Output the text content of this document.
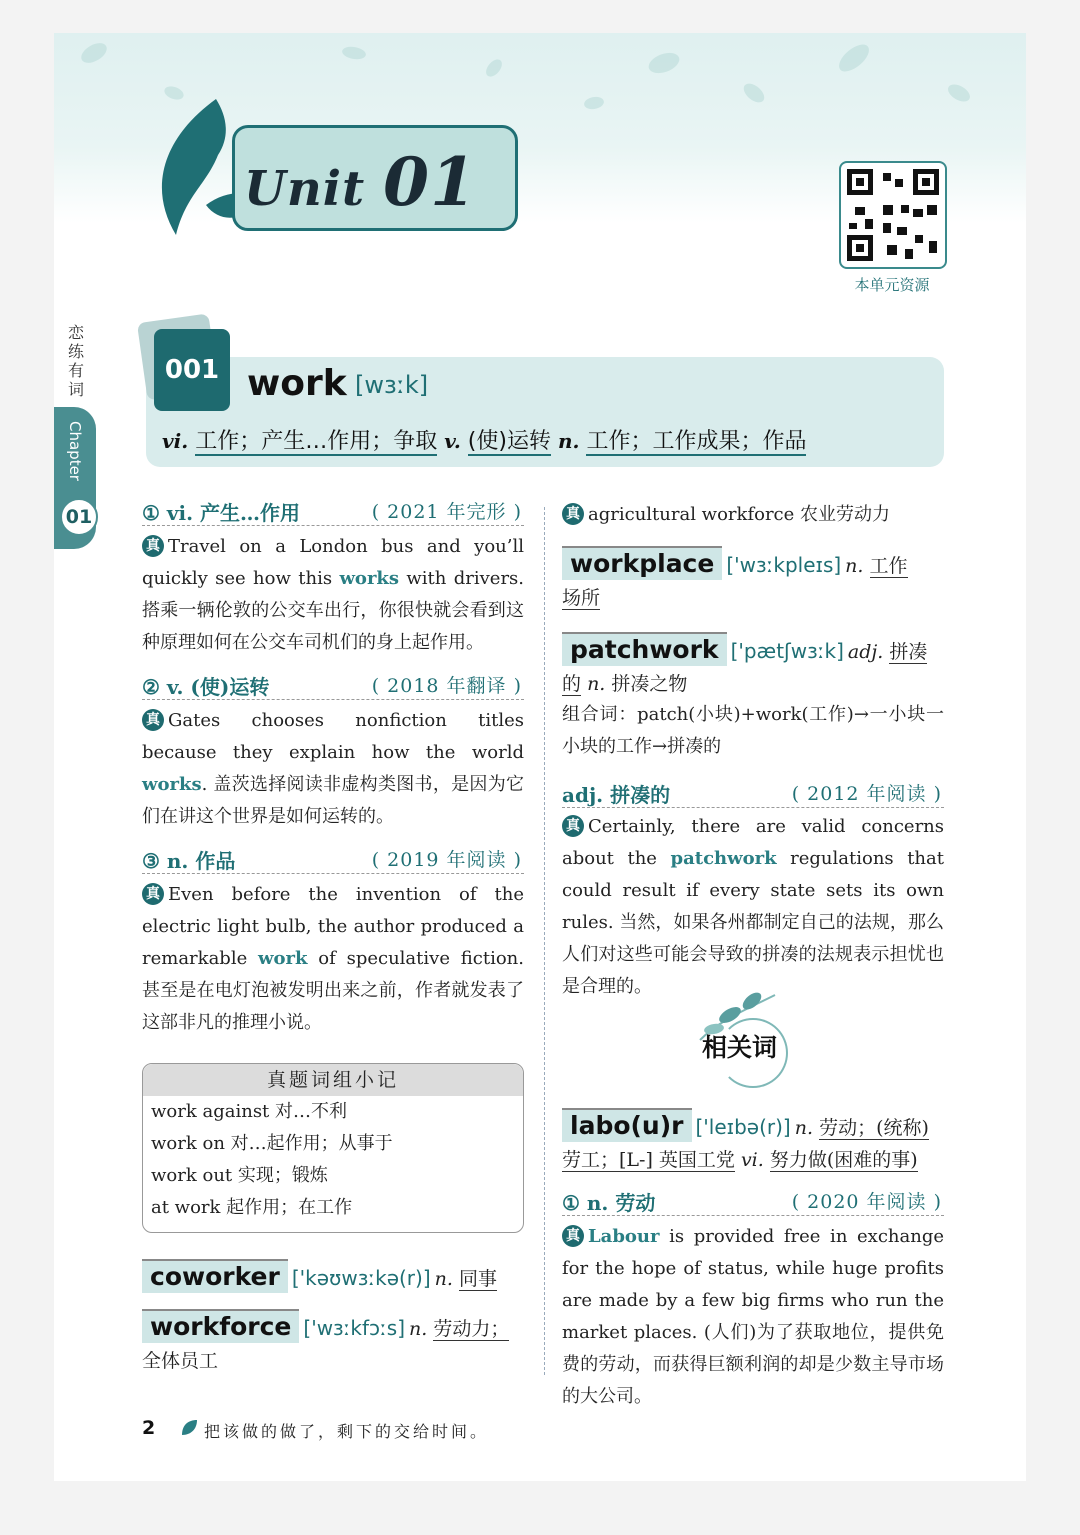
Unit 01
本单元资源
恋练有词
Chapter
01
001 work [wɜːk]
vi. 工作；产生…作用；争取 v. (使)运转 n. 工作；工作成果；作品
① vi. 产生…作用	( 2021 年完形 )
真 Travel on a London bus and you’ll quickly see how this works with drivers. 搭乘一辆伦敦的公交车出行，你很快就会看到这种原理如何在公交车司机们的身上起作用。
② v. (使)运转	( 2018 年翻译 )
真 Gates chooses nonfiction titles because they explain how the world works. 盖茨选择阅读非虚构类图书，是因为它们在讲这个世界是如何运转的。
③ n. 作品	( 2019 年阅读 )
真 Even before the invention of the electric light bulb, the author produced a remarkable work of speculative fiction. 甚至是在电灯泡被发明出来之前，作者就发表了这部非凡的推理小说。
真题词组小记
work against 对…不利
work on 对…起作用；从事于
work out 实现；锻炼
at work 起作用；在工作
coworker ['kəʊwɜːkə(r)] n. 同事
workforce ['wɜːkfɔːs] n. 劳动力；
全体员工
真 agricultural workforce 农业劳动力
workplace ['wɜːkpleɪs] n. 工作
场所
patchwork ['pætʃwɜːk] adj. 拼凑
的 n. 拼凑之物
组合词：patch(小块)+work(工作)→一小块一小块的工作→拼凑的
adj. 拼凑的	( 2012 年阅读 )
真 Certainly, there are valid concerns about the patchwork regulations that could result if every state sets its own rules. 当然，如果各州都制定自己的法规，那么人们对这些可能会导致的拼凑的法规表示担忧也是合理的。
相关词
labo(u)r ['leɪbə(r)] n. 劳动；(统称)
劳工；[L-] 英国工党 vi. 努力做(困难的事)
① n. 劳动	( 2020 年阅读 )
真 Labour is provided free in exchange for the hope of status, while huge profits are made by a few big firms who run the market places. (人们)为了获取地位，提供免费的劳动，而获得巨额利润的却是少数主导市场的大公司。
2	把该做的做了，剩下的交给时间。
